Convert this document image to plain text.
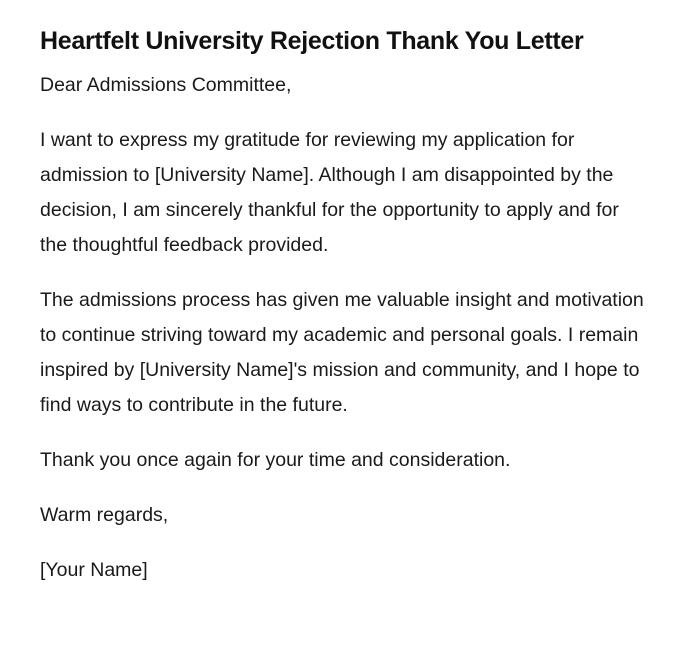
Heartfelt University Rejection Thank You Letter

Dear Admissions Committee,

I want to express my gratitude for reviewing my application for admission to [University Name]. Although I am disappointed by the decision, I am sincerely thankful for the opportunity to apply and for the thoughtful feedback provided.

The admissions process has given me valuable insight and motivation to continue striving toward my academic and personal goals. I remain inspired by [University Name]'s mission and community, and I hope to find ways to contribute in the future.

Thank you once again for your time and consideration.

Warm regards,

[Your Name]
